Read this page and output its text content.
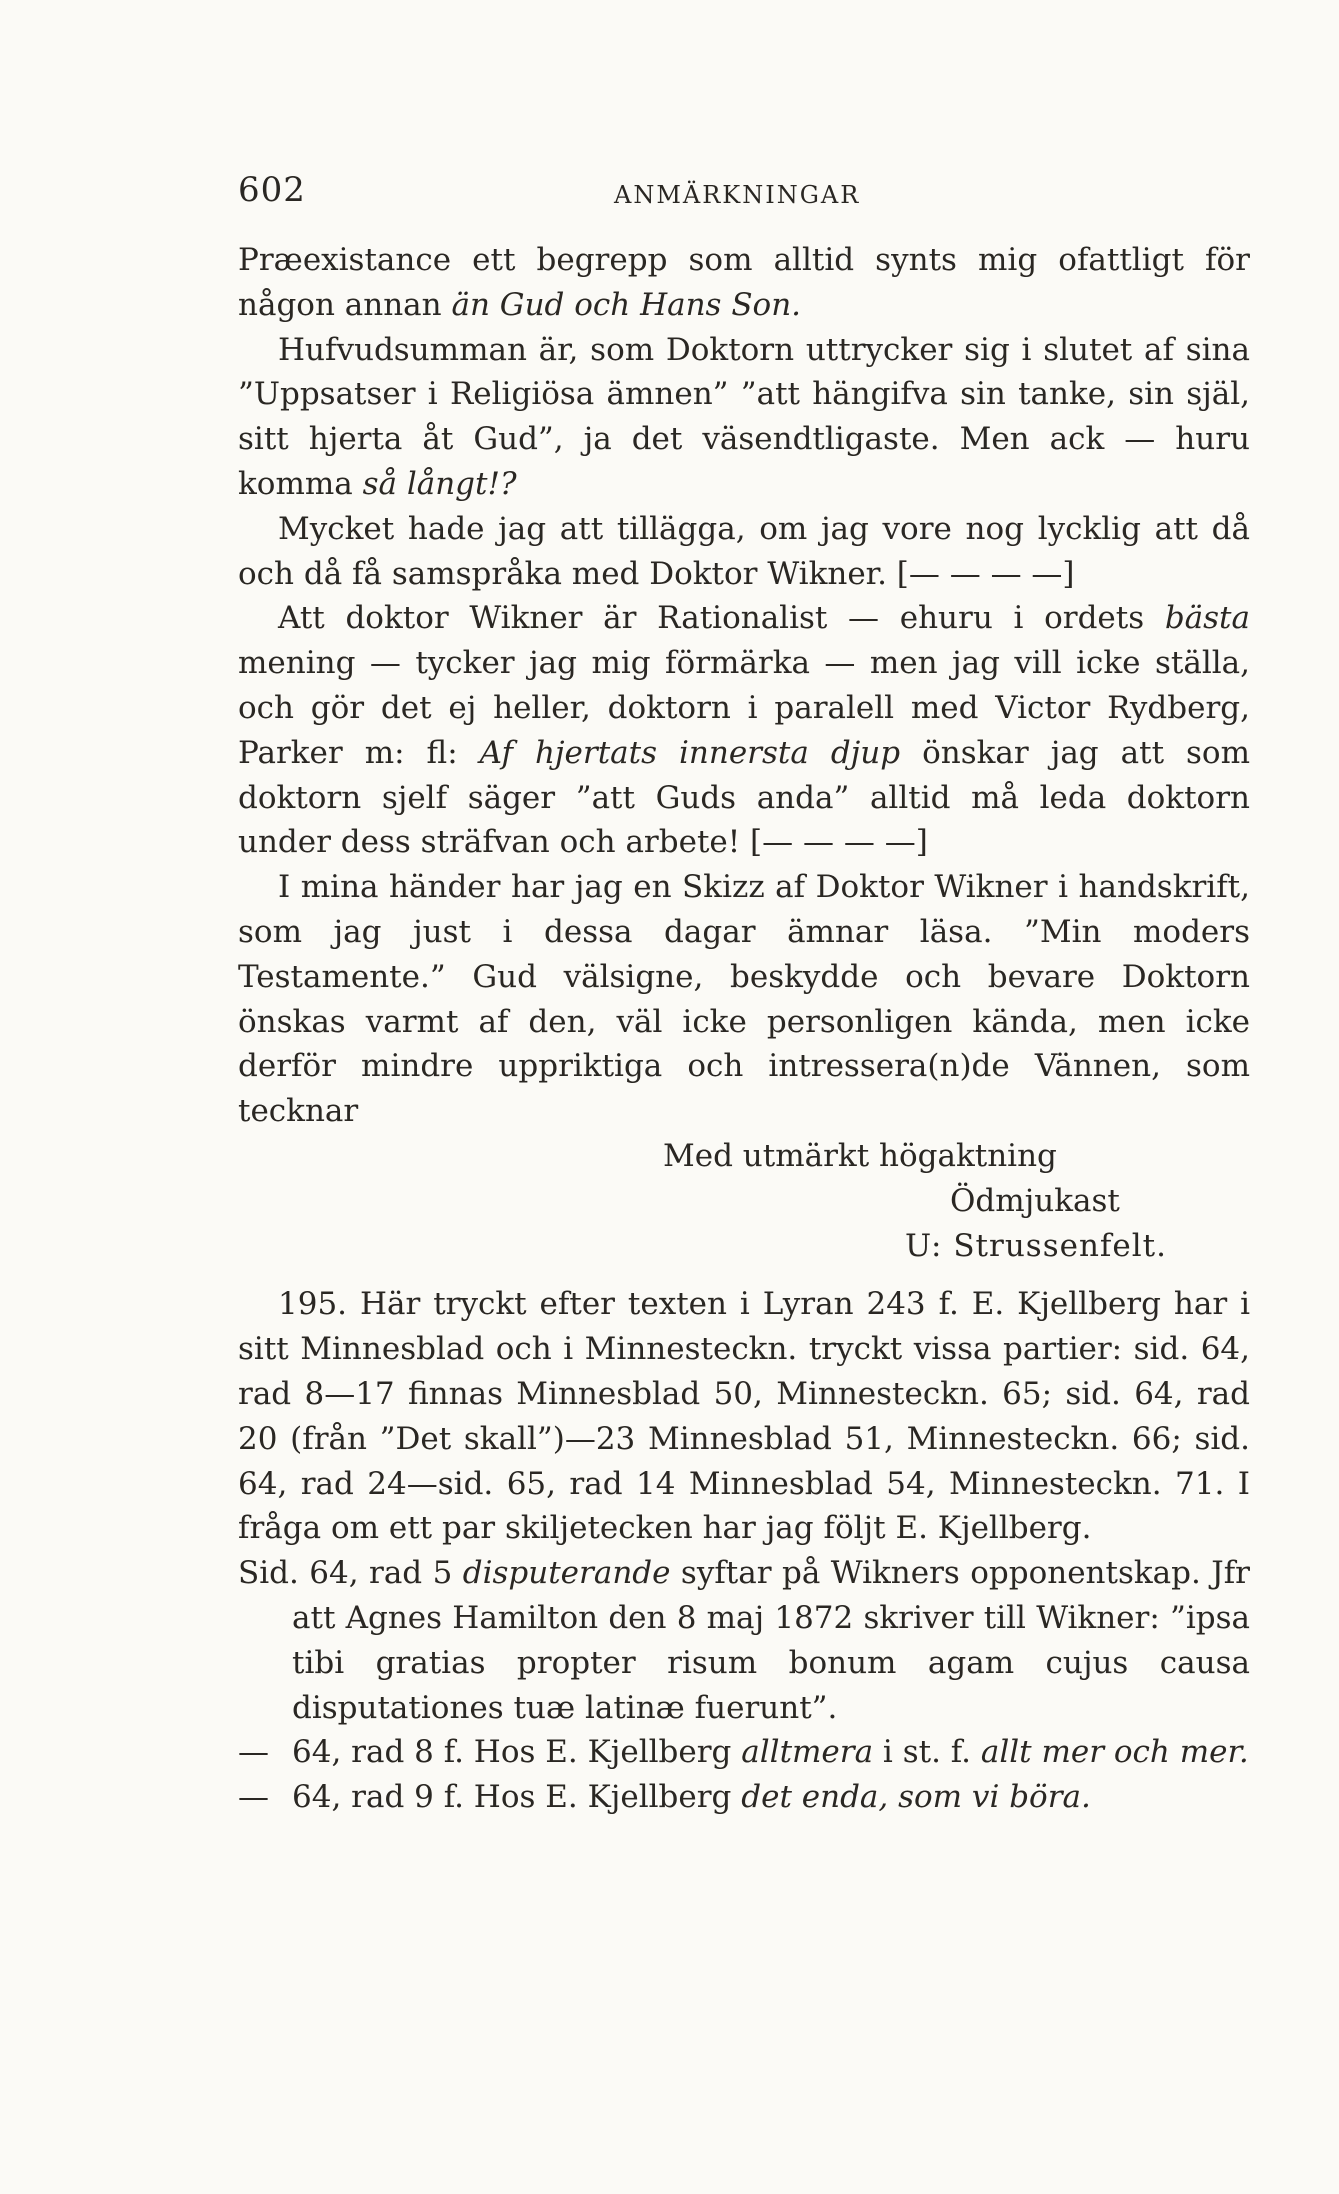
602	ANMÄRKNINGAR
Præexistance ett begrepp som alltid synts mig ofattligt för någon annan än Gud och Hans Son.
Hufvudsumman är, som Doktorn uttrycker sig i slutet af sina ”Uppsatser i Religiösa ämnen” ”att hängifva sin tanke, sin själ, sitt hjerta åt Gud”, ja det väsendtligaste. Men ack — huru komma så långt!?
Mycket hade jag att tillägga, om jag vore nog lycklig att då och då få samspråka med Doktor Wikner. [— — — —]
Att doktor Wikner är Rationalist — ehuru i ordets bästa mening — tycker jag mig förmärka — men jag vill icke ställa, och gör det ej heller, doktorn i paralell med Victor Rydberg, Parker m: fl: Af hjertats innersta djup önskar jag att som doktorn sjelf säger ”att Guds anda” alltid må leda doktorn under dess sträfvan och arbete! [— — — —]
I mina händer har jag en Skizz af Doktor Wikner i handskrift, som jag just i dessa dagar ämnar läsa. ”Min moders Testamente.” Gud välsigne, beskydde och bevare Doktorn önskas varmt af den, väl icke personligen kända, men icke derför mindre uppriktiga och intressera(n)de Vännen, som tecknar
Med utmärkt högaktning
Ödmjukast
U: Strussenfelt.
195. Här tryckt efter texten i Lyran 243 f. E. Kjellberg har i sitt Minnesblad och i Minnesteckn. tryckt vissa partier: sid. 64, rad 8—17 finnas Minnesblad 50, Minnesteckn. 65; sid. 64, rad 20 (från ”Det skall”)—23 Minnesblad 51, Minnesteckn. 66; sid. 64, rad 24—sid. 65, rad 14 Minnesblad 54, Minnesteckn. 71. I fråga om ett par skiljetecken har jag följt E. Kjellberg.
Sid. 64, rad 5 disputerande syftar på Wikners opponentskap. Jfr att Agnes Hamilton den 8 maj 1872 skriver till Wikner: ”ipsa tibi gratias propter risum bonum agam cujus causa disputationes tuæ latinæ fuerunt”.
— 64, rad 8 f. Hos E. Kjellberg alltmera i st. f. allt mer och mer.
— 64, rad 9 f. Hos E. Kjellberg det enda, som vi böra.
